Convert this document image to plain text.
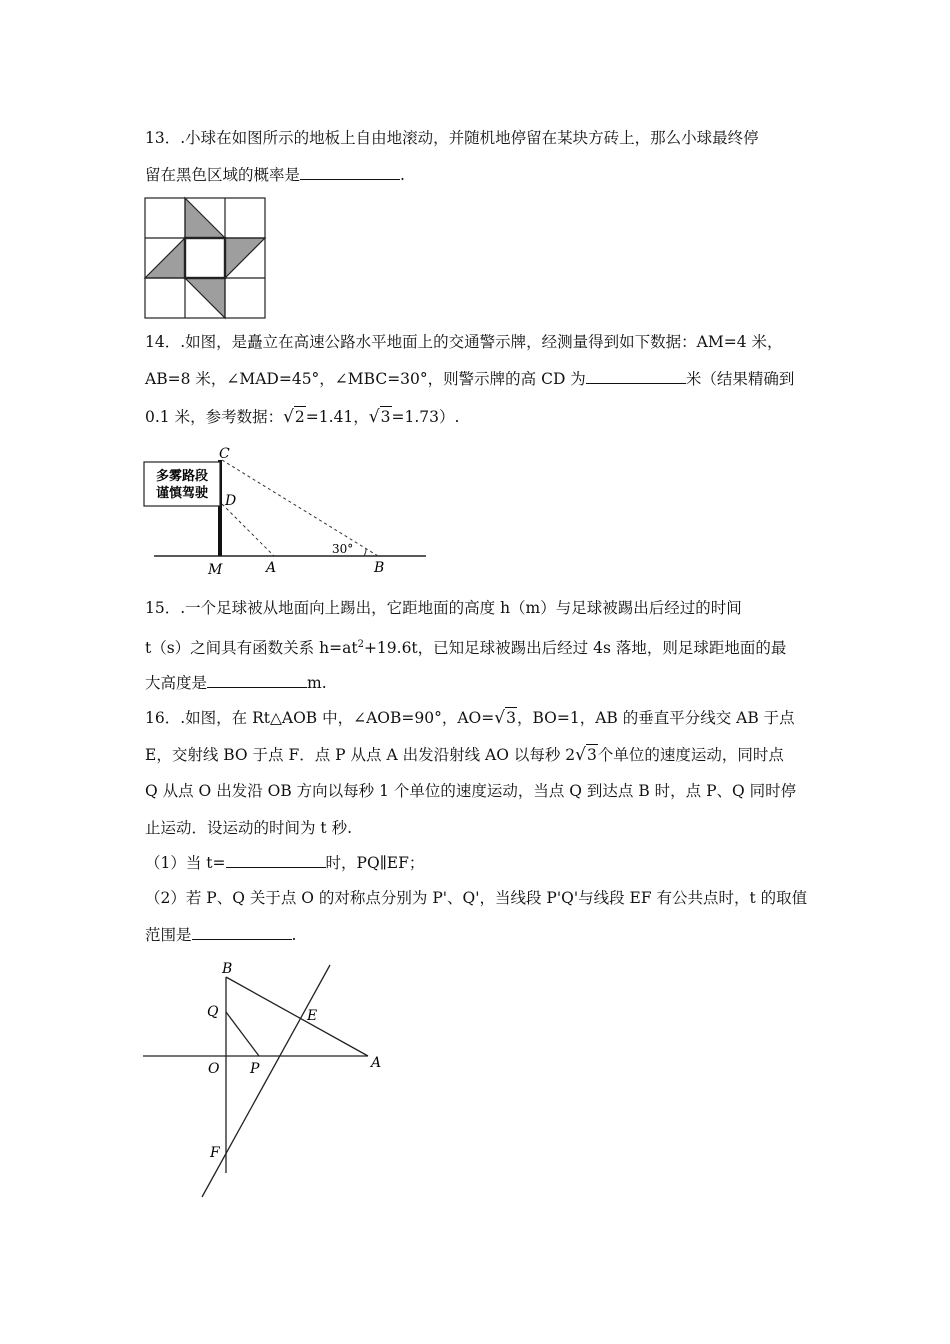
13．.小球在如图所示的地板上自由地滚动，并随机地停留在某块方砖上，那么小球最终停
留在黑色区域的概率是	.
14．.如图，是矗立在高速公路水平地面上的交通警示牌，经测量得到如下数据：AM=4 米，
AB=8 米，∠MAD=45°，∠MBC=30°，则警示牌的高 CD 为	米（结果精确到
0.1 米，参考数据：√2=1.41，√3=1.73）.
多雾路段
谨慎驾驶
30°
C
D
M	A	B
15．.一个足球被从地面向上踢出，它距地面的高度 h（m）与足球被踢出后经过的时间
t（s）之间具有函数关系 $h=at^2+19.6t$，已知足球被踢出后经过 4s 落地，则足球距地面的最
大高度是	m.
16．.如图，在 Rt△AOB 中，∠AOB=90°，AO=√3，BO=1，AB 的垂直平分线交 AB 于点
E，交射线 BO 于点 F．点 P 从点 A 出发沿射线 AO 以每秒 2√3个单位的速度运动，同时点
Q 从点 O 出发沿 OB 方向以每秒 1 个单位的速度运动，当点 Q 到达点 B 时，点 P、Q 同时停
止运动．设运动的时间为 t 秒.
（1）当 t=	时，PQ∥EF；
（2）若 P、Q 关于点 O 的对称点分别为 P'、Q'，当线段 P'Q'与线段 EF 有公共点时，t 的取值
范围是	.
B
Q	E
O P	A
F
